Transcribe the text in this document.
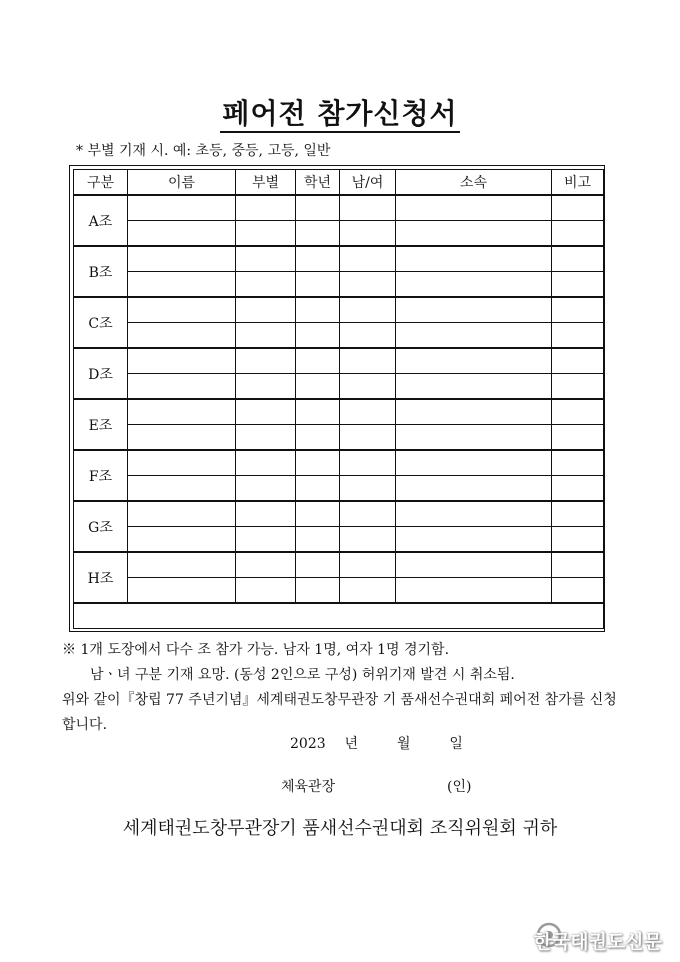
페어전 참가신청서
* 부별 기재 시. 예: 초등, 중등, 고등, 일반
구분	이름	부별	학년	남/여	소속	비고
A조						

B조						

C조						

D조						

E조						

F조						

G조						

H조						

※ 1개 도장에서 다수 조 참가 가능. 남자 1명, 여자 1명 경기함.
남ㆍ녀 구분 기재 요망. (동성 2인으로 구성) 허위기재 발견 시 취소됨.
위와 같이『창립 77 주년기념』세계태권도창무관장 기 품새선수권대회 페어전 참가를 신청합니다.
2023 년	월	일
체육관장	(인)
세계태권도창무관장기 품새선수권대회 조직위원회 귀하
한국태권도신문
